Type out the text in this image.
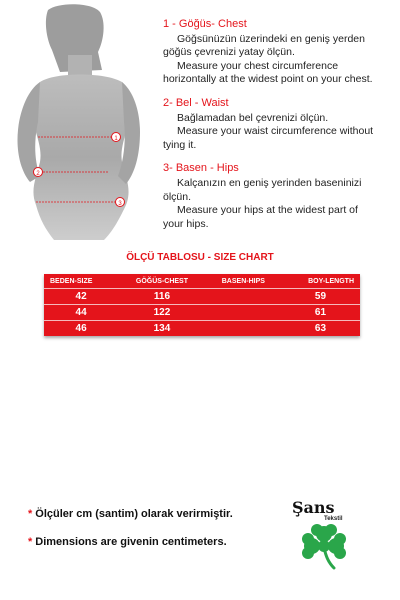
1
2
3
1 - Göğüs- Chest
Göğsünüzün üzerindeki en geniş yerden
göğüs çevrenizi yatay ölçün.
Measure your chest circumference
horizontally at the widest point on your chest.
2- Bel - Waist
Bağlamadan bel çevrenizi ölçün.
Measure your waist circumference without
tying it.
3- Basen - Hips
Kalçanızın en geniş yerinden baseninizi
ölçün.
Measure your hips at the widest part of
your hips.
ÖLÇÜ TABLOSU - SIZE CHART
BEDEN-SIZE	GÖĞÜS-CHEST	BASEN-HIPS	BOY-LENGTH
42	116		59
44	122		61
46	134		63
* Ölçüler cm (santim) olarak verirmiştir.
* Dimensions are givenin centimeters.
Şans
Tekstil
